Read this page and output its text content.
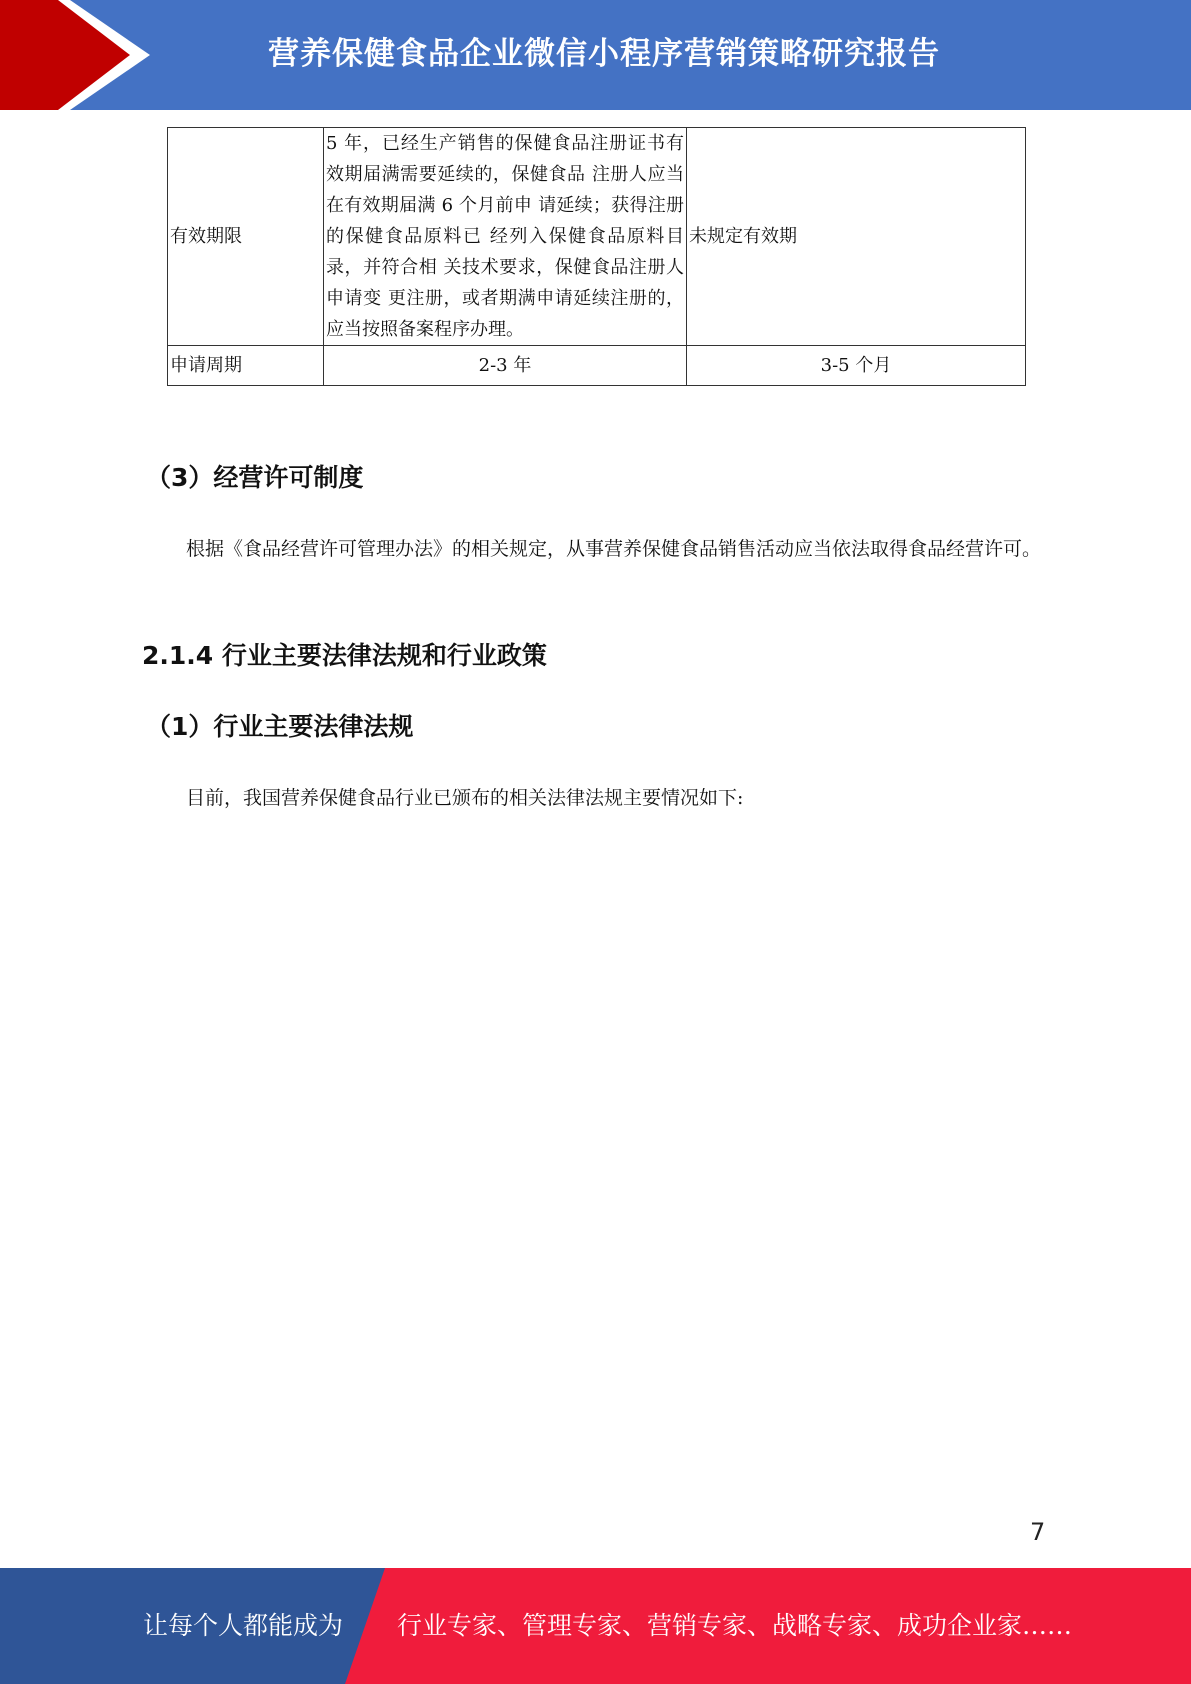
营养保健食品企业微信小程序营销策略研究报告
有效期限	5 年，已经生产销售的保健食品注册证书有效期届满需要延续的，保健食品 注册人应当在有效期届满 6 个月前申 请延续；获得注册的保健食品原料已 经列入保健食品原料目录，并符合相 关技术要求，保健食品注册人申请变 更注册，或者期满申请延续注册的， 应当按照备案程序办理。	未规定有效期
申请周期	2-3 年	3-5 个月
（3）经营许可制度
根据《食品经营许可管理办法》的相关规定，从事营养保健食品销售活动应当依法取得食品经营许可。
2.1.4 行业主要法律法规和行业政策
（1）行业主要法律法规
目前，我国营养保健食品行业已颁布的相关法律法规主要情况如下:
7
让每个人都能成为 行业专家、管理专家、营销专家、战略专家、成功企业家……
